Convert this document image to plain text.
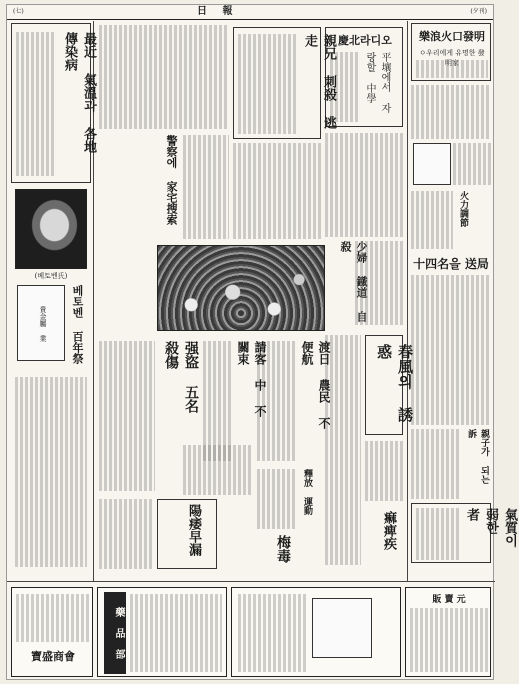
(七)	日 報	(夕刊)
樂浪火口發明
ㅇ우리에게 유명한 發明家
火力調節
十四名을 送局
親子가 되는 訴
氣質이 弱한 者
慶北라디오
平壤에서 자랑할 中學
少婦 鐵道 自殺
春風의 誘惑
痲痺疾
親兄 刺殺 逃走
渡日 農民 不便航
請客 中 不 關束
釋放 運動
梅毒
警察에 家宅搜索
强盜 五名 殺傷
陽痿早漏
最近 氣溫과 各地 傳染病
(베토벤氏)
베토벤 百年祭
貴金屬 業
寶盛商會	藥 品 部
販 賣 元
